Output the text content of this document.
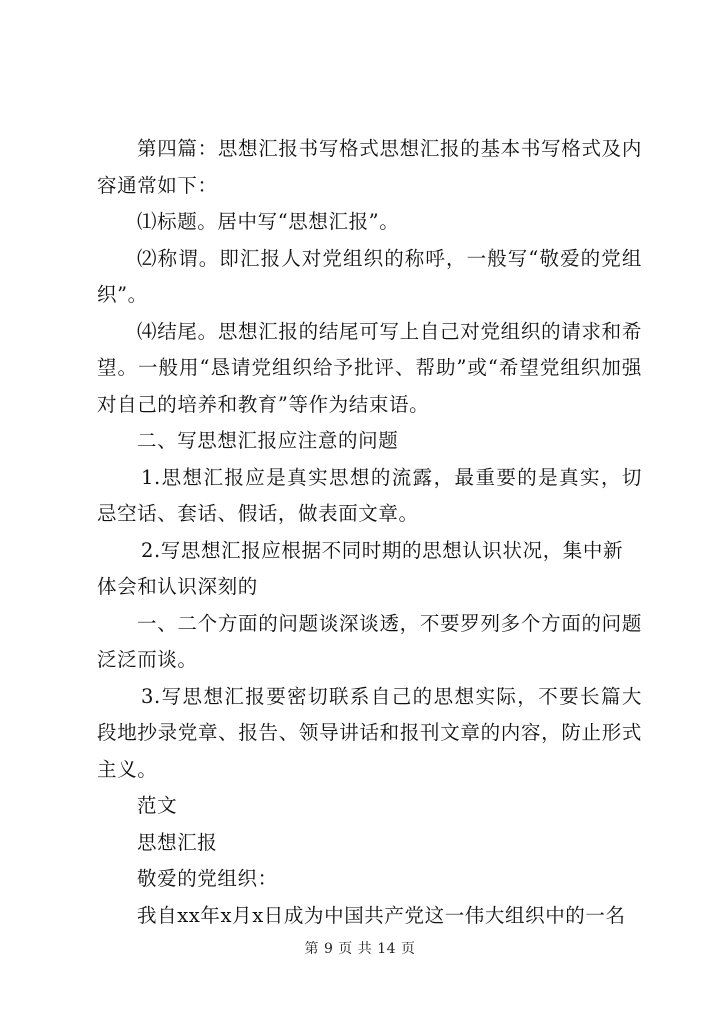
第四篇：思想汇报书写格式思想汇报的基本书写格式及内容通常如下：

⑴标题。居中写“思想汇报”。

⑵称谓。即汇报人对党组织的称呼，一般写“敬爱的党组织”。

⑷结尾。思想汇报的结尾可写上自己对党组织的请求和希望。一般用“恳请党组织给予批评、帮助”或“希望党组织加强对自己的培养和教育”等作为结束语。

二、写思想汇报应注意的问题

1.思想汇报应是真实思想的流露，最重要的是真实，切忌空话、套话、假话，做表面文章。

2.写思想汇报应根据不同时期的思想认识状况，集中新体会和认识深刻的

一、二个方面的问题谈深谈透，不要罗列多个方面的问题泛泛而谈。

3.写思想汇报要密切联系自己的思想实际，不要长篇大段地抄录党章、报告、领导讲话和报刊文章的内容，防止形式主义。

范文

思想汇报

敬爱的党组织：

我自xx年x月x日成为中国共产党这一伟大组织中的一名

第 9 页 共 14 页
